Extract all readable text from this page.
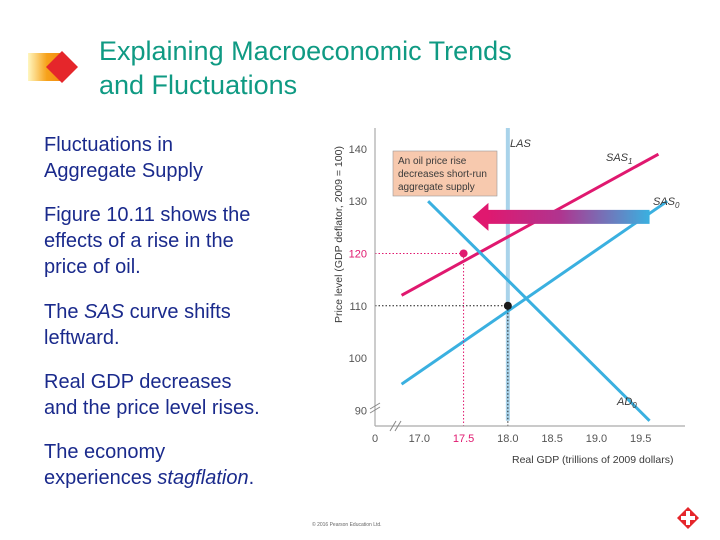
Explaining Macroeconomic Trends
and Fluctuations
Fluctuations in
Aggregate Supply
Figure 10.11 shows the
effects of a rise in the
price of oil.
The SAS curve shifts
leftward.
Real GDP decreases
and the price level rises.
The economy
experiences stagflation.
90
100
110
120
130
140
0	17.0 17.5 18.0 18.5 19.0 19.5
An oil price rise
decreases short-run
aggregate supply
LAS
$SAS_1$
$SAS_0$
$AD_0$
Price level (GDP deflator, 2009 = 100)
Real GDP (trillions of 2009 dollars)
© 2016 Pearson Education Ltd.
